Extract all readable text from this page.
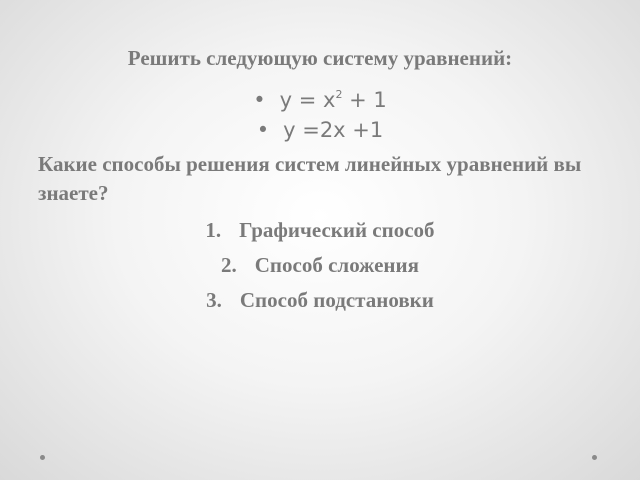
Решить следующую систему уравнений:
• $y = x^2 + 1$
• y =2x +1
Какие способы решения систем линейных уравнений вы знаете?
1. Графический способ
2. Способ сложения
3. Способ подстановки
